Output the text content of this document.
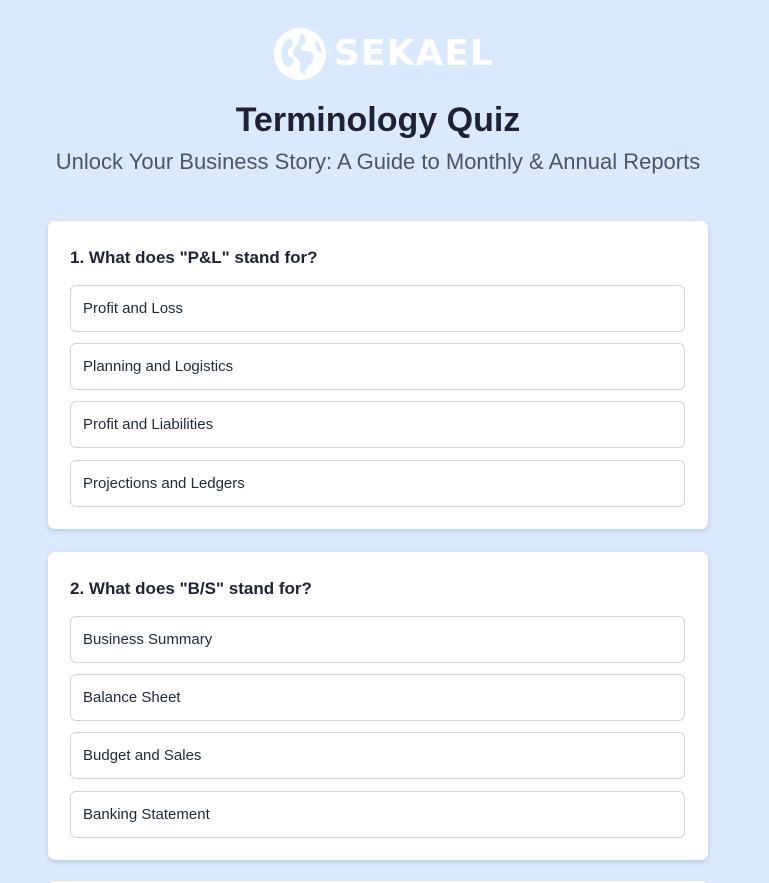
SEKAEL
Terminology Quiz

Unlock Your Business Story: A Guide to Monthly & Annual Reports

1. What does "P&L" stand for?
Profit and Loss
Planning and Logistics
Profit and Liabilities
Projections and Ledgers
2. What does "B/S" stand for?
Business Summary
Balance Sheet
Budget and Sales
Banking Statement
